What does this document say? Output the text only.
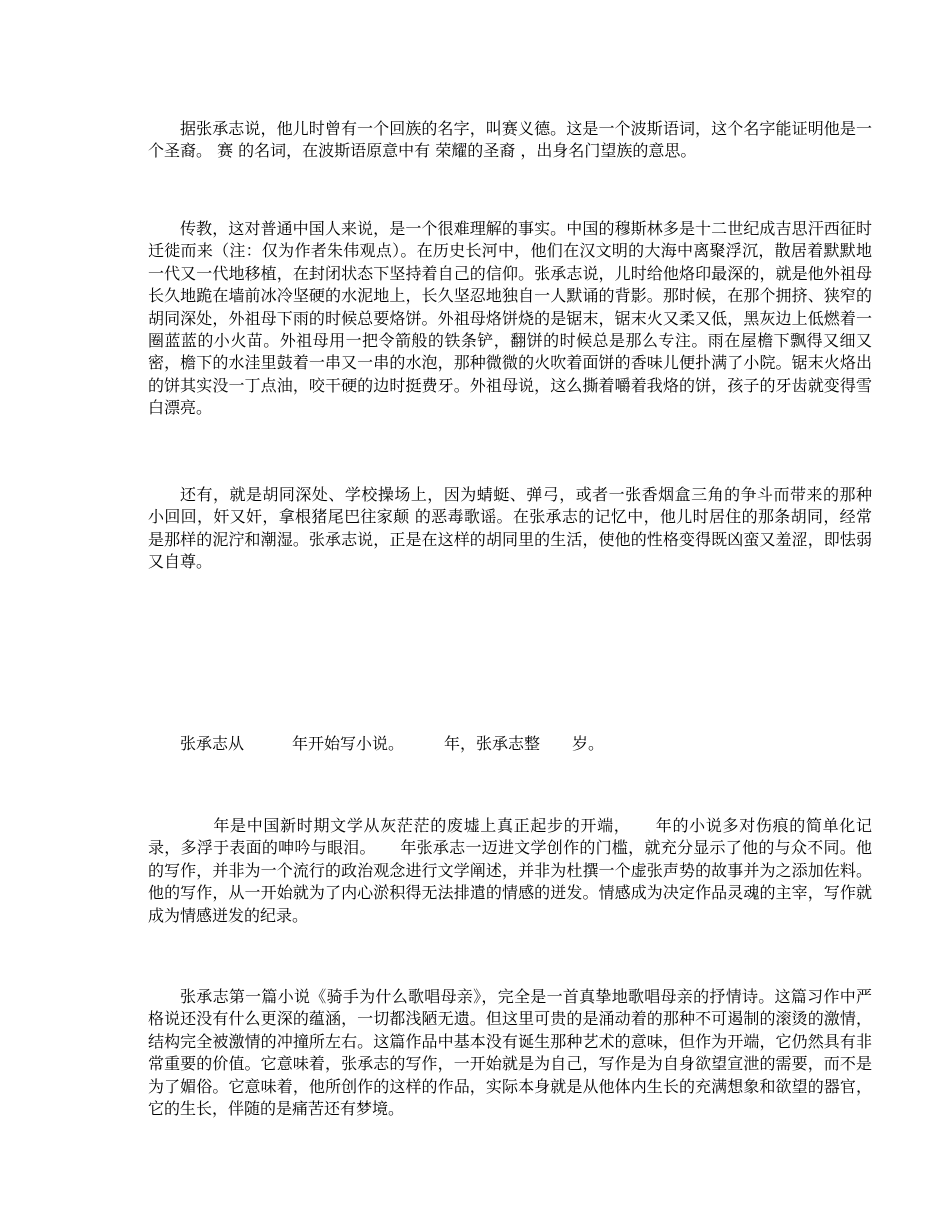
据张承志说，他儿时曾有一个回族的名字，叫赛义德。这是一个波斯语词，这个名字能证明他是一个圣裔。 赛 的名词，在波斯语原意中有 荣耀的圣裔 ，出身名门望族的意思。

传教，这对普通中国人来说，是一个很难理解的事实。中国的穆斯林多是十二世纪成吉思汗西征时迁徙而来（注：仅为作者朱伟观点）。在历史长河中，他们在汉文明的大海中离聚浮沉，散居着默默地一代又一代地移植，在封闭状态下坚持着自己的信仰。张承志说，儿时给他烙印最深的，就是他外祖母长久地跪在墙前冰冷坚硬的水泥地上，长久坚忍地独自一人默诵的背影。那时候，在那个拥挤、狭窄的胡同深处，外祖母下雨的时候总要烙饼。外祖母烙饼烧的是锯末，锯末火又柔又低，黑灰边上低燃着一圈蓝蓝的小火苗。外祖母用一把令箭般的铁条铲，翻饼的时候总是那么专注。雨在屋檐下飘得又细又密，檐下的水洼里鼓着一串又一串的水泡，那种微微的火吹着面饼的香味儿便扑满了小院。锯末火烙出的饼其实没一丁点油，咬干硬的边时挺费牙。外祖母说，这么撕着嚼着我烙的饼，孩子的牙齿就变得雪白漂亮。

还有，就是胡同深处、学校操场上，因为蜻蜓、弹弓，或者一张香烟盒三角的争斗而带来的那种 小回回，奸又奸，拿根猪尾巴往家颠 的恶毒歌谣。在张承志的记忆中，他儿时居住的那条胡同，经常是那样的泥泞和潮湿。张承志说，正是在这样的胡同里的生活，使他的性格变得既凶蛮又羞涩，即怯弱又自尊。

张承志从　　　年开始写小说。　　　年，张承志整　　岁。

　　年是中国新时期文学从灰茫茫的废墟上真正起步的开端，　　年的小说多对伤痕的简单化记录，多浮于表面的呻吟与眼泪。　　年张承志一迈进文学创作的门槛，就充分显示了他的与众不同。他的写作，并非为一个流行的政治观念进行文学阐述，并非为杜撰一个虚张声势的故事并为之添加佐料。他的写作，从一开始就为了内心淤积得无法排遣的情感的迸发。情感成为决定作品灵魂的主宰，写作就成为情感迸发的纪录。

张承志第一篇小说《骑手为什么歌唱母亲》，完全是一首真挚地歌唱母亲的抒情诗。这篇习作中严格说还没有什么更深的蕴涵，一切都浅陋无遗。但这里可贵的是涌动着的那种不可遏制的滚烫的激情，结构完全被激情的冲撞所左右。这篇作品中基本没有诞生那种艺术的意味，但作为开端，它仍然具有非常重要的价值。它意味着，张承志的写作，一开始就是为自己，写作是为自身欲望宣泄的需要，而不是为了媚俗。它意味着，他所创作的这样的作品，实际本身就是从他体内生长的充满想象和欲望的器官，它的生长，伴随的是痛苦还有梦境。
